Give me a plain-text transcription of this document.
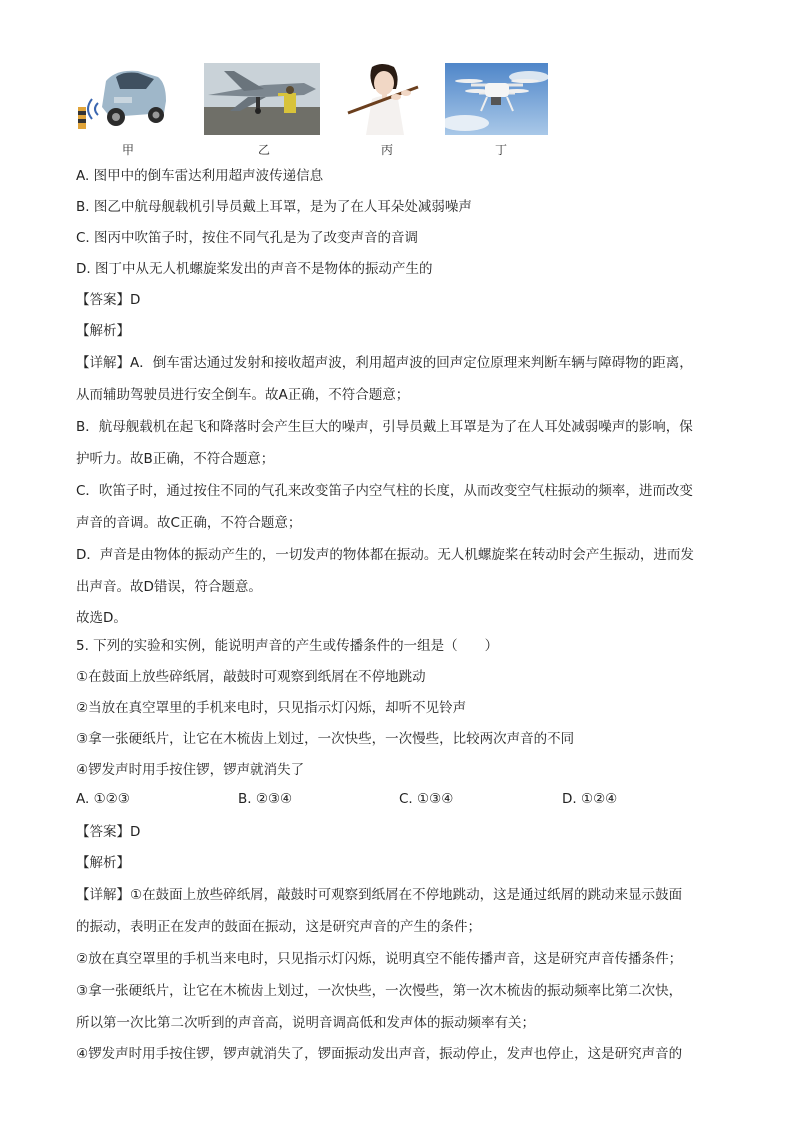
甲	乙	丙	丁
A. 图甲中的倒车雷达利用超声波传递信息
B. 图乙中航母舰载机引导员戴上耳罩，是为了在人耳朵处减弱噪声
C. 图丙中吹笛子时，按住不同气孔是为了改变声音的音调
D. 图丁中从无人机螺旋桨发出的声音不是物体的振动产生的
【答案】D
【解析】
【详解】A．倒车雷达通过发射和接收超声波，利用超声波的回声定位原理来判断车辆与障碍物的距离，
从而辅助驾驶员进行安全倒车。故A正确，不符合题意；
B．航母舰载机在起飞和降落时会产生巨大的噪声，引导员戴上耳罩是为了在人耳处减弱噪声的影响，保
护听力。故B正确，不符合题意；
C．吹笛子时，通过按住不同的气孔来改变笛子内空气柱的长度，从而改变空气柱振动的频率，进而改变
声音的音调。故C正确，不符合题意；
D．声音是由物体的振动产生的，一切发声的物体都在振动。无人机螺旋桨在转动时会产生振动，进而发
出声音。故D错误，符合题意。
故选D。
5. 下列的实验和实例，能说明声音的产生或传播条件的一组是（　　）
①在鼓面上放些碎纸屑，敲鼓时可观察到纸屑在不停地跳动
②当放在真空罩里的手机来电时，只见指示灯闪烁，却听不见铃声
③拿一张硬纸片，让它在木梳齿上划过，一次快些，一次慢些，比较两次声音的不同
④锣发声时用手按住锣，锣声就消失了
A. ①②③	B. ②③④	C. ①③④	D. ①②④
【答案】D
【解析】
【详解】①在鼓面上放些碎纸屑，敲鼓时可观察到纸屑在不停地跳动，这是通过纸屑的跳动来显示鼓面
的振动，表明正在发声的鼓面在振动，这是研究声音的产生的条件；
②放在真空罩里的手机当来电时，只见指示灯闪烁，说明真空不能传播声音，这是研究声音传播条件；
③拿一张硬纸片，让它在木梳齿上划过，一次快些，一次慢些，第一次木梳齿的振动频率比第二次快，
所以第一次比第二次听到的声音高，说明音调高低和发声体的振动频率有关；
④锣发声时用手按住锣，锣声就消失了，锣面振动发出声音，振动停止，发声也停止，这是研究声音的
